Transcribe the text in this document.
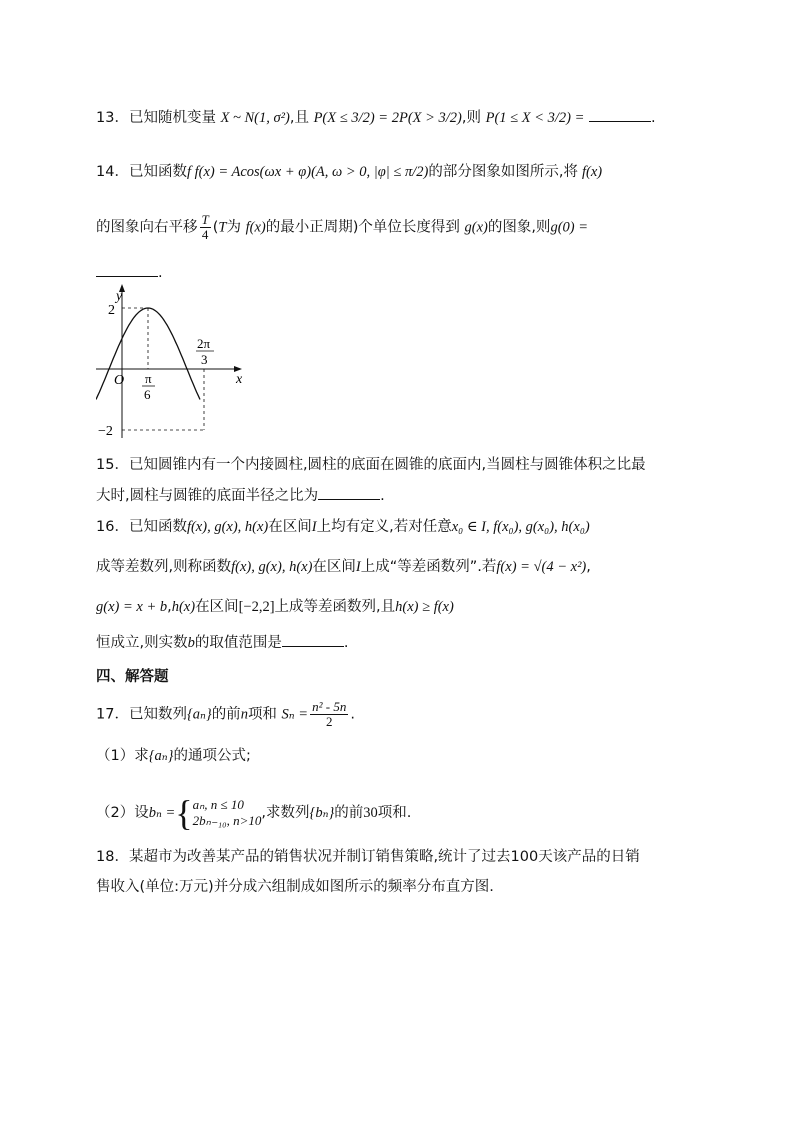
13．已知随机变量 X ~ N(1, σ²),且 P(X ≤ 3/2) = 2P(X > 3/2),则 P(1 ≤ X < 3/2) =	.
14．已知函数f f(x) = Acos(ωx + φ)(A, ω > 0, |φ| ≤ π/2)的部分图象如图所示,将 f(x)
的图象向右平移 $\frac{T}{4} (T$为 f(x)的最小正周期)个单位长度得到 g(x)的图象,则g(0) =
.
y
x
O
2
−2
π
6
2π
3
15．已知圆锥内有一个内接圆柱,圆柱的底面在圆锥的底面内,当圆柱与圆锥体积之比最
大时,圆柱与圆锥的底面半径之比为	.
16．已知函数f(x), g(x), h(x)在区间I上均有定义,若对任意x₀ ∈ I, f(x₀), g(x₀), h(x₀)
成等差数列,则称函数f(x), g(x), h(x)在区间I上成“等差函数列”.若f(x) = √(4 − x²),
g(x) = x + b,h(x)在区间[−2,2]上成等差函数列,且h(x) ≥ f(x)
恒成立,则实数b的取值范围是	.
四、解答题
17．已知数列{aₙ}的前n项和 $S_n = \frac{\text{n² - 5n}}{2}$ .
（1）求{aₙ}的通项公式;
（2）设bₙ ={ aₙ, n ≤ 10
2bₙ₋₁₀, n>10 ,求数列{bₙ}的前30项和.
18．某超市为改善某产品的销售状况并制订销售策略,统计了过去100天该产品的日销
售收入(单位:万元)并分成六组制成如图所示的频率分布直方图.
